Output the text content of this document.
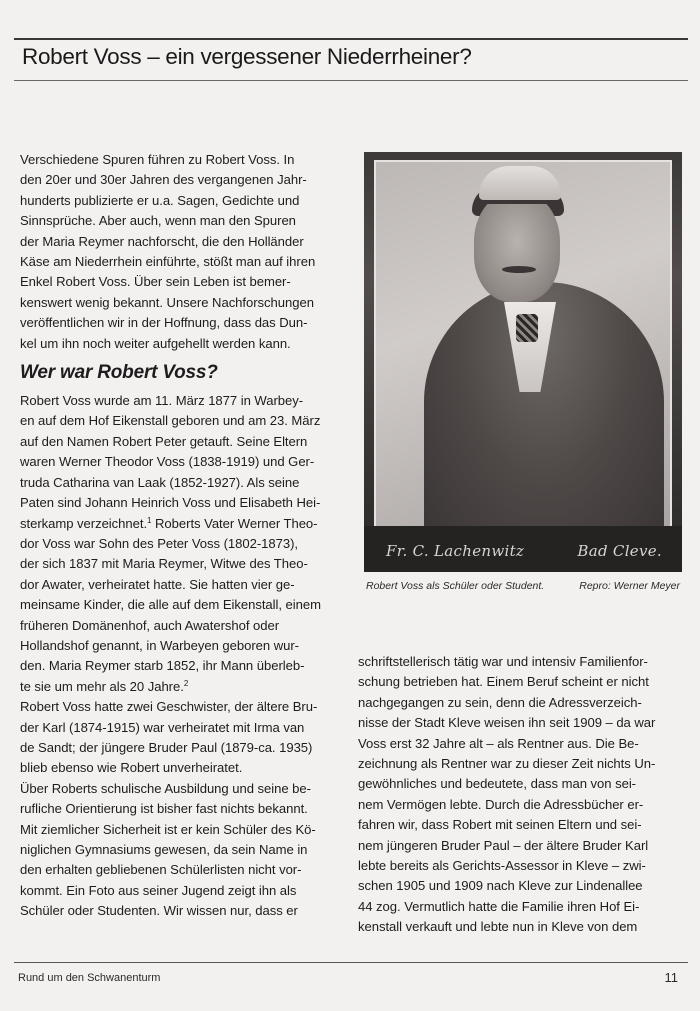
Robert Voss – ein vergessener Niederrheiner?

Verschiedene Spuren führen zu Robert Voss. In

den 20er und 30er Jahren des vergangenen Jahr-

hunderts publizierte er u.a. Sagen, Gedichte und

Sinnsprüche. Aber auch, wenn man den Spuren

der Maria Reymer nachforscht, die den Holländer

Käse am Niederrhein einführte, stößt man auf ihren

Enkel Robert Voss. Über sein Leben ist bemer-

kenswert wenig bekannt. Unsere Nachforschungen

veröffentlichen wir in der Hoffnung, dass das Dun-

kel um ihn noch weiter aufgehellt werden kann.

Wer war Robert Voss?

Robert Voss wurde am 11. März 1877 in Warbey-

en auf dem Hof Eikenstall geboren und am 23. März

auf den Namen Robert Peter getauft. Seine Eltern

waren Werner Theodor Voss (1838-1919) und Ger-

truda Catharina van Laak (1852-1927). Als seine

Paten sind Johann Heinrich Voss und Elisabeth Hei-

sterkamp verzeichnet.$^1$ Roberts Vater Werner Theo-

dor Voss war Sohn des Peter Voss (1802-1873),

der sich 1837 mit Maria Reymer, Witwe des Theo-

dor Awater, verheiratet hatte. Sie hatten vier ge-

meinsame Kinder, die alle auf dem Eikenstall, einem

früheren Domänenhof, auch Awatershof oder

Hollandshof genannt, in Warbeyen geboren wur-

den. Maria Reymer starb 1852, ihr Mann überleb-

te sie um mehr als 20 Jahre.$^2$

Robert Voss hatte zwei Geschwister, der ältere Bru-

der Karl (1874-1915) war verheiratet mit Irma van

de Sandt; der jüngere Bruder Paul (1879-ca. 1935)

blieb ebenso wie Robert unverheiratet.

Über Roberts schulische Ausbildung und seine be-

rufliche Orientierung ist bisher fast nichts bekannt.

Mit ziemlicher Sicherheit ist er kein Schüler des Kö-

niglichen Gymnasiums gewesen, da sein Name in

den erhalten gebliebenen Schülerlisten nicht vor-

kommt. Ein Foto aus seiner Jugend zeigt ihn als

Schüler oder Studenten. Wir wissen nur, dass er

Fr. C. Lachenwitz	Bad Cleve.
Robert Voss als Schüler oder Student.	Repro: Werner Meyer

schriftstellerisch tätig war und intensiv Familienfor-

schung betrieben hat. Einem Beruf scheint er nicht

nachgegangen zu sein, denn die Adressverzeich-

nisse der Stadt Kleve weisen ihn seit 1909 – da war

Voss erst 32 Jahre alt – als Rentner aus. Die Be-

zeichnung als Rentner war zu dieser Zeit nichts Un-

gewöhnliches und bedeutete, dass man von sei-

nem Vermögen lebte. Durch die Adressbücher er-

fahren wir, dass Robert mit seinen Eltern und sei-

nem jüngeren Bruder Paul – der ältere Bruder Karl

lebte bereits als Gerichts-Assessor in Kleve – zwi-

schen 1905 und 1909 nach Kleve zur Lindenallee

44 zog. Vermutlich hatte die Familie ihren Hof Ei-

kenstall verkauft und lebte nun in Kleve von dem

Rund um den Schwanenturm	11
